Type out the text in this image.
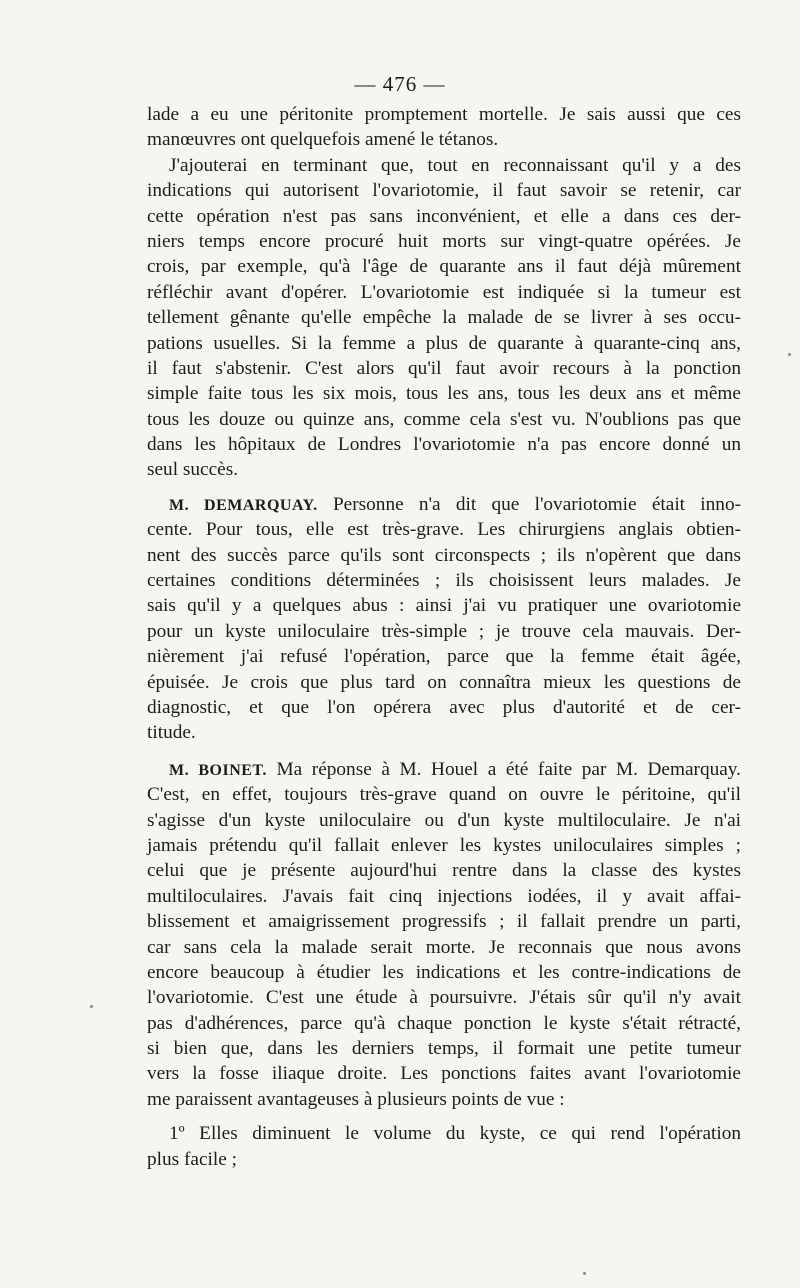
— 476 —
lade a eu une péritonite promptement mortelle. Je sais aussi que ces
manœuvres ont quelquefois amené le tétanos.
J'ajouterai en terminant que, tout en reconnaissant qu'il y a des
indications qui autorisent l'ovariotomie, il faut savoir se retenir, car
cette opération n'est pas sans inconvénient, et elle a dans ces der-
niers temps encore procuré huit morts sur vingt-quatre opérées. Je
crois, par exemple, qu'à l'âge de quarante ans il faut déjà mûrement
réfléchir avant d'opérer. L'ovariotomie est indiquée si la tumeur est
tellement gênante qu'elle empêche la malade de se livrer à ses occu-
pations usuelles. Si la femme a plus de quarante à quarante-cinq ans,
il faut s'abstenir. C'est alors qu'il faut avoir recours à la ponction
simple faite tous les six mois, tous les ans, tous les deux ans et même
tous les douze ou quinze ans, comme cela s'est vu. N'oublions pas que
dans les hôpitaux de Londres l'ovariotomie n'a pas encore donné un
seul succès.
M. DEMARQUAY. Personne n'a dit que l'ovariotomie était inno-
cente. Pour tous, elle est très-grave. Les chirurgiens anglais obtien-
nent des succès parce qu'ils sont circonspects ; ils n'opèrent que dans
certaines conditions déterminées ; ils choisissent leurs malades. Je
sais qu'il y a quelques abus : ainsi j'ai vu pratiquer une ovariotomie
pour un kyste uniloculaire très-simple ; je trouve cela mauvais. Der-
nièrement j'ai refusé l'opération, parce que la femme était âgée,
épuisée. Je crois que plus tard on connaîtra mieux les questions de
diagnostic, et que l'on opérera avec plus d'autorité et de cer-
titude.
M. BOINET. Ma réponse à M. Houel a été faite par M. Demarquay.
C'est, en effet, toujours très-grave quand on ouvre le péritoine, qu'il
s'agisse d'un kyste uniloculaire ou d'un kyste multiloculaire. Je n'ai
jamais prétendu qu'il fallait enlever les kystes uniloculaires simples ;
celui que je présente aujourd'hui rentre dans la classe des kystes
multiloculaires. J'avais fait cinq injections iodées, il y avait affai-
blissement et amaigrissement progressifs ; il fallait prendre un parti,
car sans cela la malade serait morte. Je reconnais que nous avons
encore beaucoup à étudier les indications et les contre-indications de
l'ovariotomie. C'est une étude à poursuivre. J'étais sûr qu'il n'y avait
pas d'adhérences, parce qu'à chaque ponction le kyste s'était rétracté,
si bien que, dans les derniers temps, il formait une petite tumeur
vers la fosse iliaque droite. Les ponctions faites avant l'ovariotomie
me paraissent avantageuses à plusieurs points de vue :
1º Elles diminuent le volume du kyste, ce qui rend l'opération
plus facile ;
